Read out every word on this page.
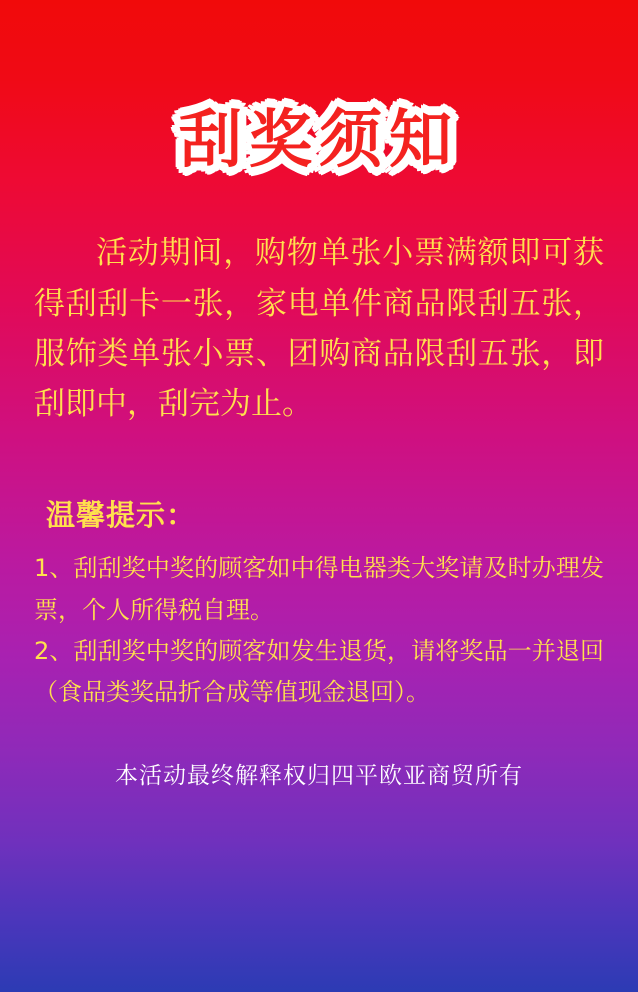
刮奖须知

活动期间，购物单张小票满额即可获得刮刮卡一张，家电单件商品限刮五张，服饰类单张小票、团购商品限刮五张，即刮即中，刮完为止。

温馨提示：
1、刮刮奖中奖的顾客如中得电器类大奖请及时办理发票，个人所得税自理。
2、刮刮奖中奖的顾客如发生退货，请将奖品一并退回（食品类奖品折合成等值现金退回）。
本活动最终解释权归四平欧亚商贸所有
